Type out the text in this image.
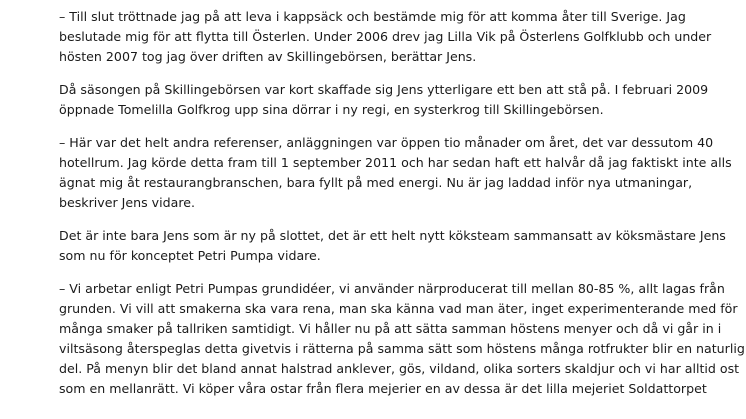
– Till slut tröttnade jag på att leva i kappsäck och bestämde mig för att komma åter till Sverige. Jag
beslutade mig för att flytta till Österlen. Under 2006 drev jag Lilla Vik på Österlens Golfklubb och under
hösten 2007 tog jag över driften av Skillingebörsen, berättar Jens.

Då säsongen på Skillingebörsen var kort skaffade sig Jens ytterligare ett ben att stå på. I februari 2009
öppnade Tomelilla Golfkrog upp sina dörrar i ny regi, en systerkrog till Skillingebörsen.

– Här var det helt andra referenser, anläggningen var öppen tio månader om året, det var dessutom 40
hotellrum. Jag körde detta fram till 1 september 2011 och har sedan haft ett halvår då jag faktiskt inte alls
ägnat mig åt restaurangbranschen, bara fyllt på med energi. Nu är jag laddad inför nya utmaningar,
beskriver Jens vidare.

Det är inte bara Jens som är ny på slottet, det är ett helt nytt köksteam sammansatt av köksmästare Jens
som nu för konceptet Petri Pumpa vidare.

– Vi arbetar enligt Petri Pumpas grundidéer, vi använder närproducerat till mellan 80-85 %, allt lagas från
grunden. Vi vill att smakerna ska vara rena, man ska känna vad man äter, inget experimenterande med för
många smaker på tallriken samtidigt. Vi håller nu på att sätta samman höstens menyer och då vi går in i
viltsäsong återspeglas detta givetvis i rätterna på samma sätt som höstens många rotfrukter blir en naturlig
del. På menyn blir det bland annat halstrad anklever, gös, vildand, olika sorters skaldjur och vi har alltid ost
som en mellanrätt. Vi köper våra ostar från flera mejerier en av dessa är det lilla mejeriet Soldattorpet
